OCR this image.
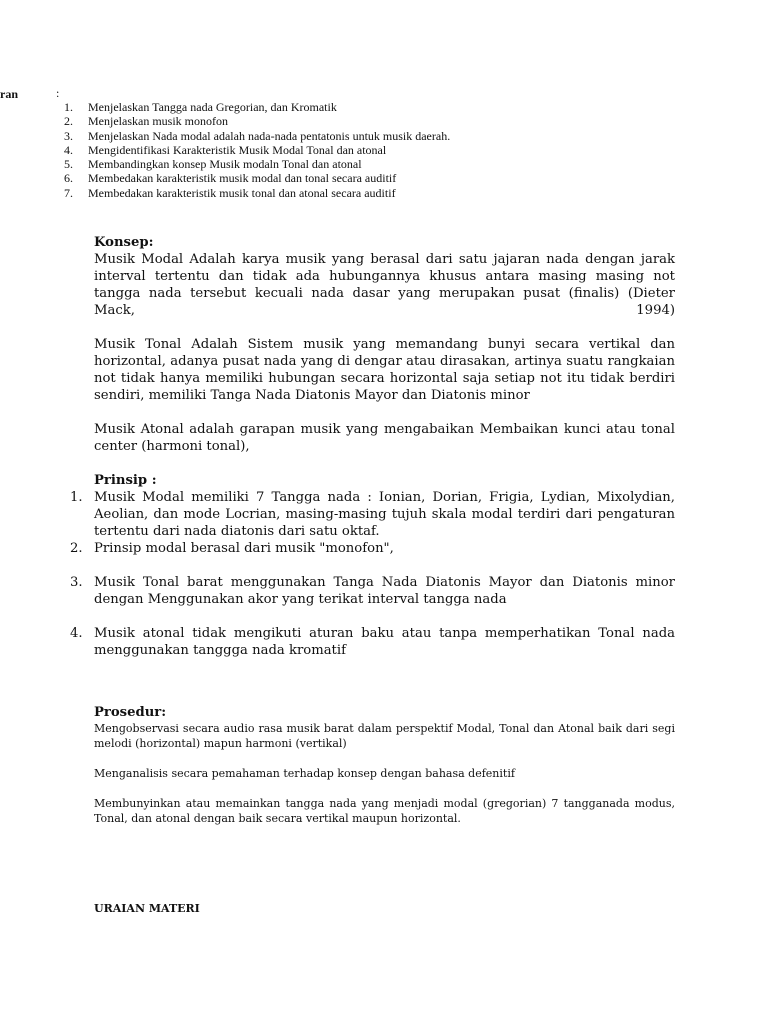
ran	:
1. Menjelaskan Tangga nada Gregorian, dan Kromatik
2. Menjelaskan musik monofon
3. Menjelaskan Nada modal adalah nada-nada pentatonis untuk musik daerah.
4. Mengidentifikasi Karakteristik Musik Modal Tonal dan atonal
5. Membandingkan konsep Musik modaln Tonal dan atonal
6. Membedakan karakteristik musik modal dan tonal secara auditif
7. Membedakan karakteristik musik tonal dan atonal secara auditif

Konsep:

Musik Modal Adalah karya musik yang berasal dari satu jajaran nada dengan jarak interval tertentu dan tidak ada hubungannya khusus antara masing masing not tangga nada tersebut kecuali nada dasar yang merupakan pusat (finalis) (Dieter Mack, 1994)

Musik Tonal Adalah Sistem musik yang memandang bunyi secara vertikal dan horizontal, adanya pusat nada yang di dengar atau dirasakan, artinya suatu rangkaian not tidak hanya memiliki hubungan secara horizontal saja setiap not itu tidak berdiri sendiri, memiliki Tanga Nada Diatonis Mayor dan Diatonis minor

Musik Atonal adalah garapan musik yang mengabaikan Membaikan kunci atau tonal center (harmoni tonal),

Prinsip :

1. Musik Modal memiliki 7 Tangga nada : Ionian, Dorian, Frigia, Lydian, Mixolydian, Aeolian, dan mode Locrian, masing-masing tujuh skala modal terdiri dari pengaturan tertentu dari nada diatonis dari satu oktaf.
2. Prinsip modal berasal dari musik "monofon",
3. Musik Tonal barat menggunakan Tanga Nada Diatonis Mayor dan Diatonis minor dengan Menggunakan akor yang terikat interval tangga nada
4. Musik atonal tidak mengikuti aturan baku atau tanpa memperhatikan Tonal nada menggunakan tanggga nada kromatif

Prosedur:

Mengobservasi secara audio rasa musik barat dalam perspektif Modal, Tonal dan Atonal baik dari segi melodi (horizontal) mapun harmoni (vertikal)

Menganalisis secara pemahaman terhadap konsep dengan bahasa defenitif

Membunyinkan atau memainkan tangga nada yang menjadi modal (gregorian) 7 tangganada modus, Tonal, dan atonal dengan baik secara vertikal maupun horizontal.

URAIAN MATERI
